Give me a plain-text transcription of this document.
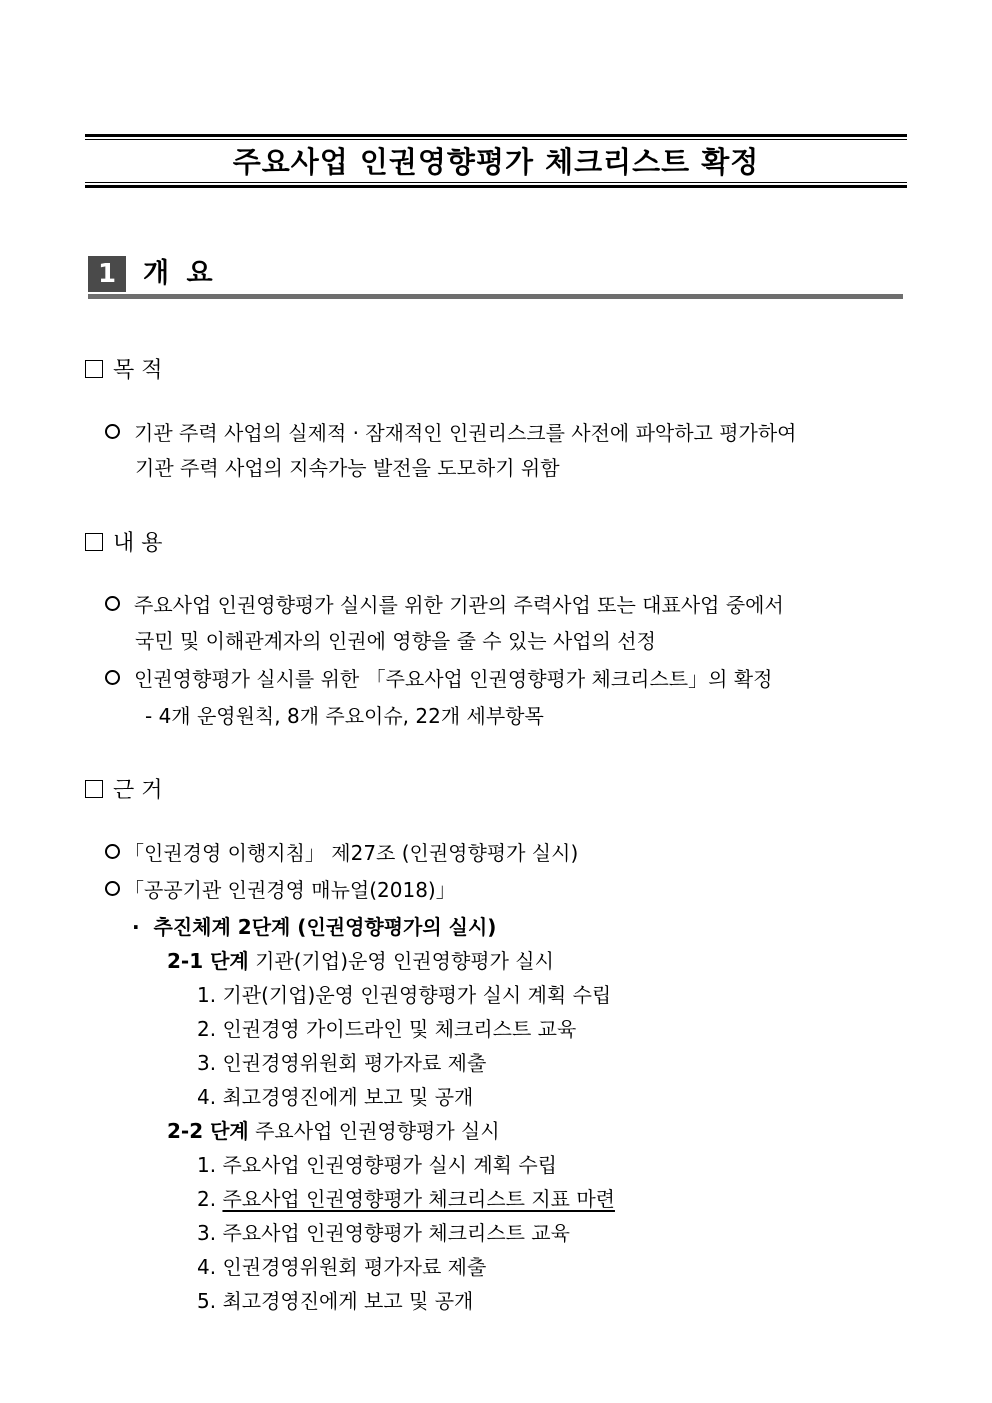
주요사업 인권영향평가 체크리스트 확정
1 개 요
목 적
기관 주력 사업의 실제적 · 잠재적인 인권리스크를 사전에 파악하고 평가하여
기관 주력 사업의 지속가능 발전을 도모하기 위함
내 용
주요사업 인권영향평가 실시를 위한 기관의 주력사업 또는 대표사업 중에서
국민 및 이해관계자의 인권에 영향을 줄 수 있는 사업의 선정
인권영향평가 실시를 위한 「주요사업 인권영향평가 체크리스트」의 확정
- 4개 운영원칙, 8개 주요이슈, 22개 세부항목
근 거
「인권경영 이행지침」 제27조 (인권영향평가 실시)
「공공기관 인권경영 매뉴얼(2018)」
· 추진체계 2단계 (인권영향평가의 실시)
2-1 단계 기관(기업)운영 인권영향평가 실시
1. 기관(기업)운영 인권영향평가 실시 계획 수립
2. 인권경영 가이드라인 및 체크리스트 교육
3. 인권경영위원회 평가자료 제출
4. 최고경영진에게 보고 및 공개
2-2 단계 주요사업 인권영향평가 실시
1. 주요사업 인권영향평가 실시 계획 수립
2. 주요사업 인권영향평가 체크리스트 지표 마련
3. 주요사업 인권영향평가 체크리스트 교육
4. 인권경영위원회 평가자료 제출
5. 최고경영진에게 보고 및 공개
